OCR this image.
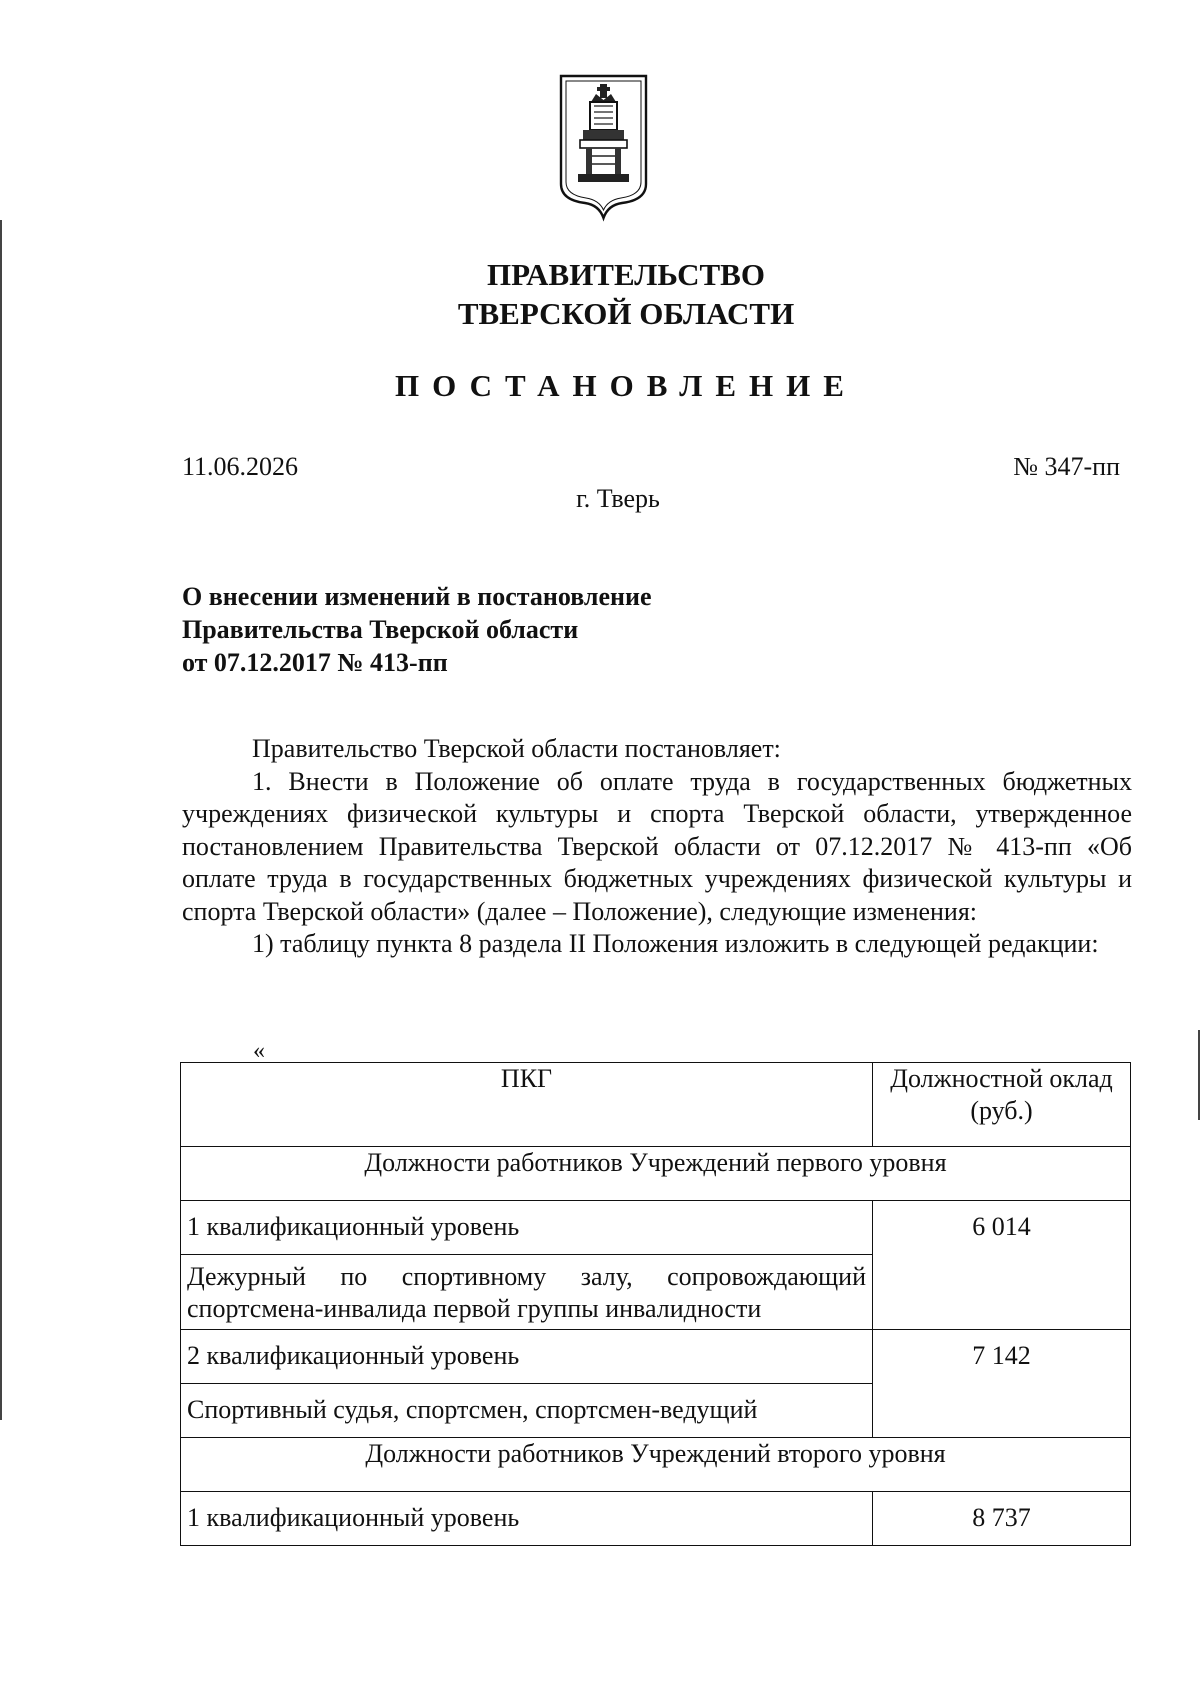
ПРАВИТЕЛЬСТВО
ТВЕРСКОЙ ОБЛАСТИ
ПОСТАНОВЛЕНИЕ
11.06.2026	№ 347-пп
г. Тверь
О внесении изменений в постановление
Правительства Тверской области
от 07.12.2017 № 413-пп

Правительство Тверской области постановляет:

1. Внести в Положение об оплате труда в государственных бюджетных учреждениях физической культуры и спорта Тверской области, утвержденное постановлением Правительства Тверской области от 07.12.2017 № 413-пп «Об оплате труда в государственных бюджетных учреждениях физической культуры и спорта Тверской области» (далее – Положение), следующие изменения:

1) таблицу пункта 8 раздела II Положения изложить в следующей редакции:

«
ПКГ	Должностной оклад (руб.)
Должности работников Учреждений первого уровня	
1 квалификационный уровень	6 014
Дежурный по спортивному залу, сопровождающий спортсмена-инвалида первой группы инвалидности	
2 квалификационный уровень	7 142
Спортивный судья, спортсмен, спортсмен-ведущий	
Должности работников Учреждений второго уровня	
1 квалификационный уровень	8 737
